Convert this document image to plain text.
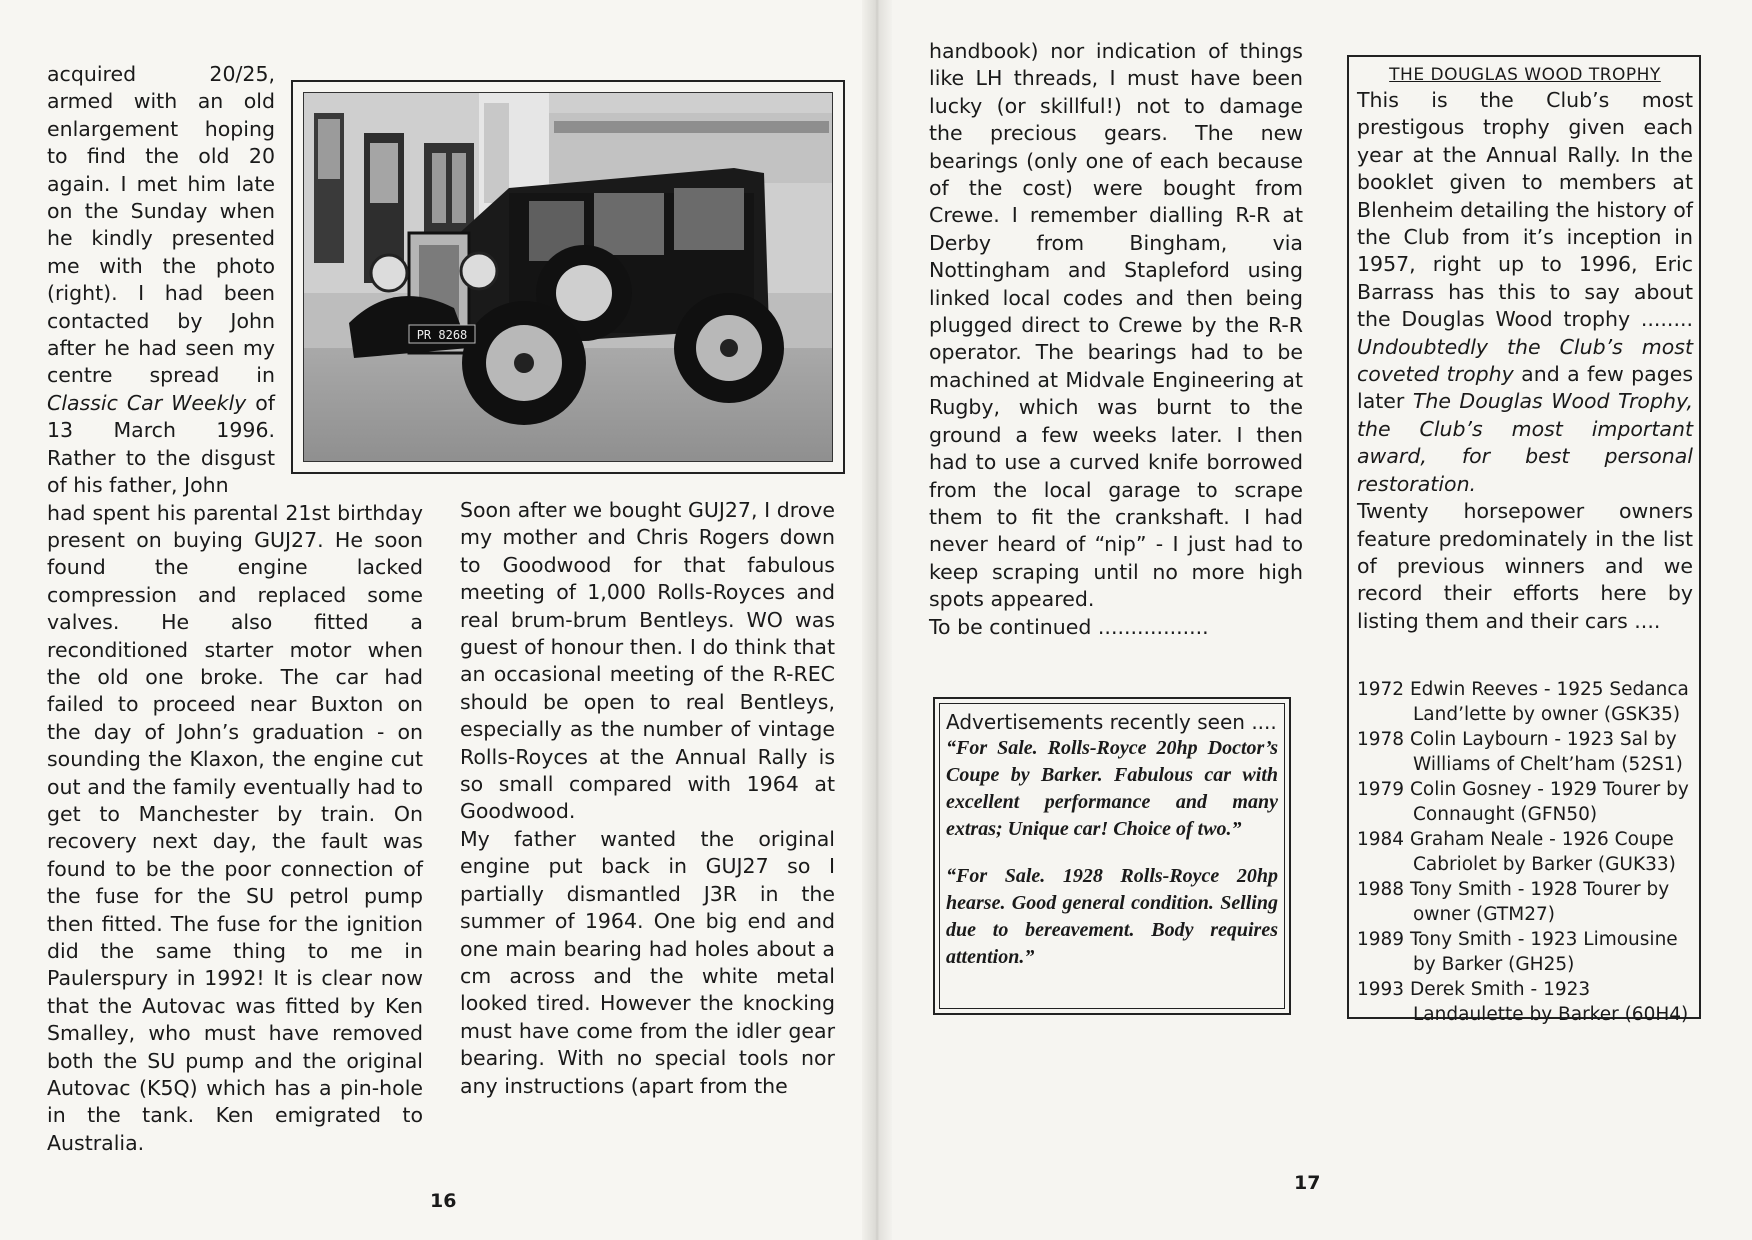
acquired 20/25, armed with an old enlargement hoping to find the old 20 again. I met him late on the Sunday when he kindly presented me with the photo (right). I had been contacted by John after he had seen my centre spread in Classic Car Weekly of 13 March 1996. Rather to the disgust of his father, John
had spent his parental 21st birthday present on buying GUJ27. He soon found the engine lacked compression and replaced some valves. He also fitted a reconditioned starter motor when the old one broke. The car had failed to proceed near Buxton on the day of John’s graduation - on sounding the Klaxon, the engine cut out and the family eventually had to get to Manchester by train. On recovery next day, the fault was found to be the poor connection of the fuse for the SU petrol pump then fitted. The fuse for the ignition did the same thing to me in Paulerspury in 1992! It is clear now that the Autovac was fitted by Ken Smalley, who must have removed both the SU pump and the original Autovac (K5Q) which has a pin-hole in the tank. Ken emigrated to Australia.
PR 8268
Soon after we bought GUJ27, I drove my mother and Chris Rogers down to Goodwood for that fabulous meeting of 1,000 Rolls-Royces and real brum-brum Bentleys. WO was guest of honour then. I do think that an occasional meeting of the R-REC should be open to real Bentleys, especially as the number of vintage Rolls-Royces at the Annual Rally is so small compared with 1964 at Goodwood.
My father wanted the original engine put back in GUJ27 so I partially dismantled J3R in the summer of 1964. One big end and one main bearing had holes about a cm across and the white metal looked tired. However the knocking must have come from the idler gear bearing. With no special tools nor any instructions (apart from the
16
handbook) nor indication of things like LH threads, I must have been lucky (or skillful!) not to damage the precious gears. The new bearings (only one of each because of the cost) were bought from Crewe. I remember dialling R-R at Derby from Bingham, via Nottingham and Stapleford using linked local codes and then being plugged direct to Crewe by the R-R operator. The bearings had to be machined at Midvale Engineering at Rugby, which was burnt to the ground a few weeks later. I then had to use a curved knife borrowed from the local garage to scrape them to fit the crankshaft. I had never heard of “nip” - I just had to keep scraping until no more high spots appeared.
To be continued .................
Advertisements recently seen ....
“For Sale. Rolls-Royce 20hp Doctor’s Coupe by Barker. Fabulous car with excellent performance and many extras; Unique car! Choice of two.”
“For Sale. 1928 Rolls-Royce 20hp hearse. Good general condition. Selling due to bereavement. Body requires attention.”
THE DOUGLAS WOOD TROPHY
This is the Club’s most prestigous trophy given each year at the Annual Rally. In the booklet given to members at Blenheim detailing the history of the Club from it’s inception in 1957, right up to 1996, Eric Barrass has this to say about the Douglas Wood trophy ........ Undoubtedly the Club’s most coveted trophy and a few pages later The Douglas Wood Trophy, the Club’s most important award, for best personal restoration.
Twenty horsepower owners feature predominately in the list of previous winners and we record their efforts here by listing them and their cars ....
1972 Edwin Reeves - 1925 Sedanca Land’lette by owner (GSK35)
1978 Colin Laybourn - 1923 Sal by Williams of Chelt’ham (52S1)
1979 Colin Gosney - 1929 Tourer by Connaught (GFN50)
1984 Graham Neale - 1926 Coupe Cabriolet by Barker (GUK33)
1988 Tony Smith - 1928 Tourer by owner (GTM27)
1989 Tony Smith - 1923 Limousine by Barker (GH25)
1993 Derek Smith - 1923 Landaulette by Barker (60H4)
17
